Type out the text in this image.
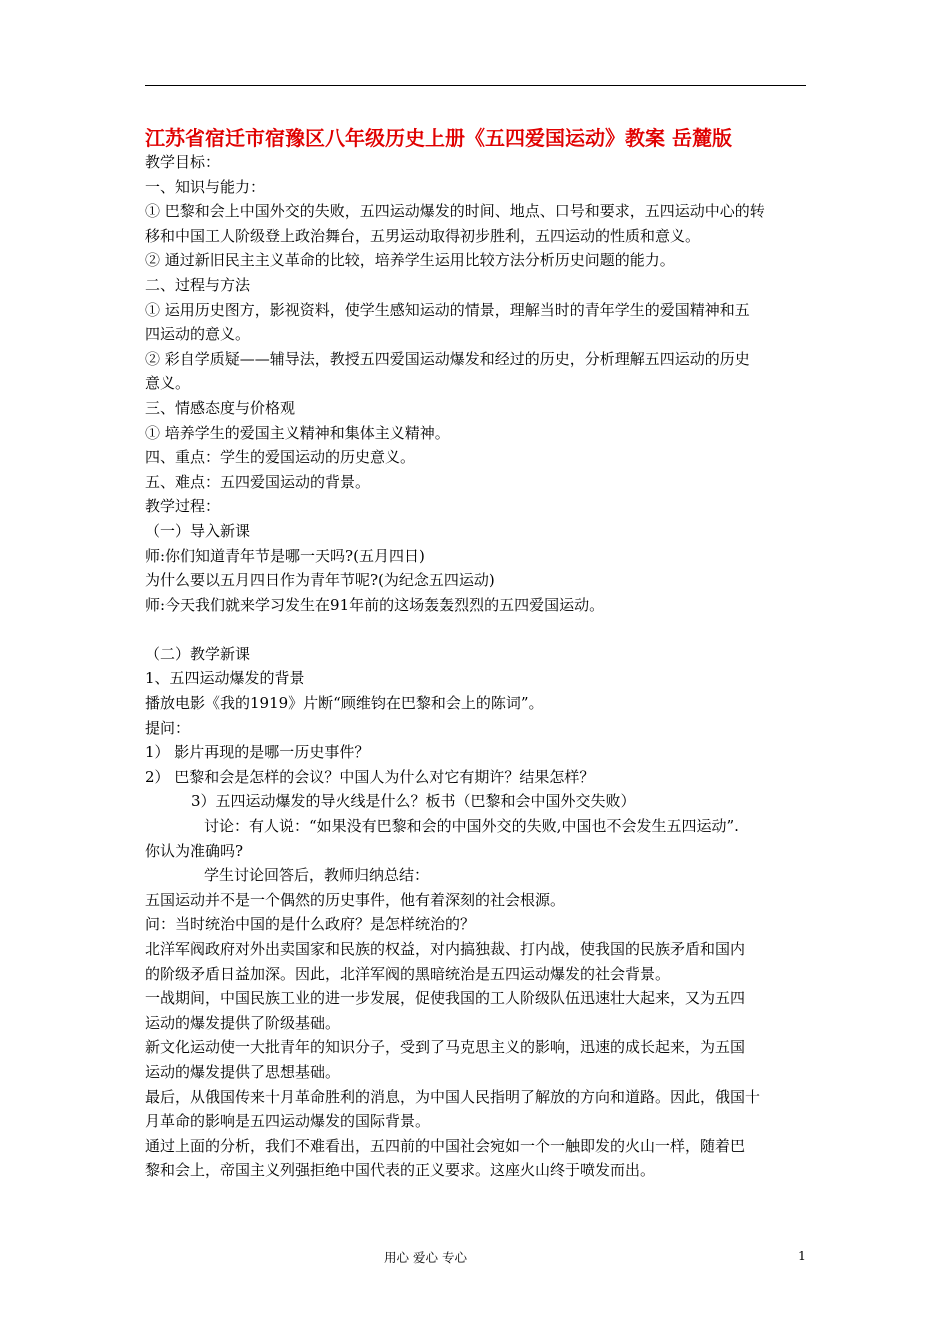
江苏省宿迁市宿豫区八年级历史上册《五四爱国运动》教案 岳麓版
教学目标：
一、知识与能力：
① 巴黎和会上中国外交的失败，五四运动爆发的时间、地点、口号和要求，五四运动中心的转
移和中国工人阶级登上政治舞台，五男运动取得初步胜利，五四运动的性质和意义。
② 通过新旧民主主义革命的比较，培养学生运用比较方法分析历史问题的能力。
二、过程与方法
① 运用历史图方，影视资料，使学生感知运动的情景，理解当时的青年学生的爱国精神和五
四运动的意义。
② 彩自学质疑——辅导法，教授五四爱国运动爆发和经过的历史，分析理解五四运动的历史
意义。
三、情感态度与价格观
① 培养学生的爱国主义精神和集体主义精神。
四、重点：学生的爱国运动的历史意义。
五、难点：五四爱国运动的背景。
教学过程：
（一）导入新课
师:你们知道青年节是哪一天吗?(五月四日)
为什么要以五月四日作为青年节呢?(为纪念五四运动)
师:今天我们就来学习发生在91年前的这场轰轰烈烈的五四爱国运动。
（二）教学新课
1、五四运动爆发的背景
播放电影《我的1919》片断“顾维钧在巴黎和会上的陈词”。
提问：
1） 影片再现的是哪一历史事件？
2） 巴黎和会是怎样的会议？中国人为什么对它有期许？结果怎样？
3）五四运动爆发的导火线是什么？板书（巴黎和会中国外交失败）
讨论：有人说：“如果没有巴黎和会的中国外交的失败,中国也不会发生五四运动”.
你认为准确吗?
学生讨论回答后，教师归纳总结：
五国运动并不是一个偶然的历史事件，他有着深刻的社会根源。
问：当时统治中国的是什么政府？是怎样统治的？
北洋军阀政府对外出卖国家和民族的权益，对内搞独裁、打内战，使我国的民族矛盾和国内
的阶级矛盾日益加深。因此，北洋军阀的黑暗统治是五四运动爆发的社会背景。
一战期间，中国民族工业的进一步发展，促使我国的工人阶级队伍迅速壮大起来，又为五四
运动的爆发提供了阶级基础。
新文化运动使一大批青年的知识分子，受到了马克思主义的影响，迅速的成长起来，为五国
运动的爆发提供了思想基础。
最后，从俄国传来十月革命胜利的消息，为中国人民指明了解放的方向和道路。因此，俄国十
月革命的影响是五四运动爆发的国际背景。
通过上面的分析，我们不难看出，五四前的中国社会宛如一个一触即发的火山一样，随着巴
黎和会上，帝国主义列强拒绝中国代表的正义要求。这座火山终于喷发而出。
用心 爱心 专心	1
